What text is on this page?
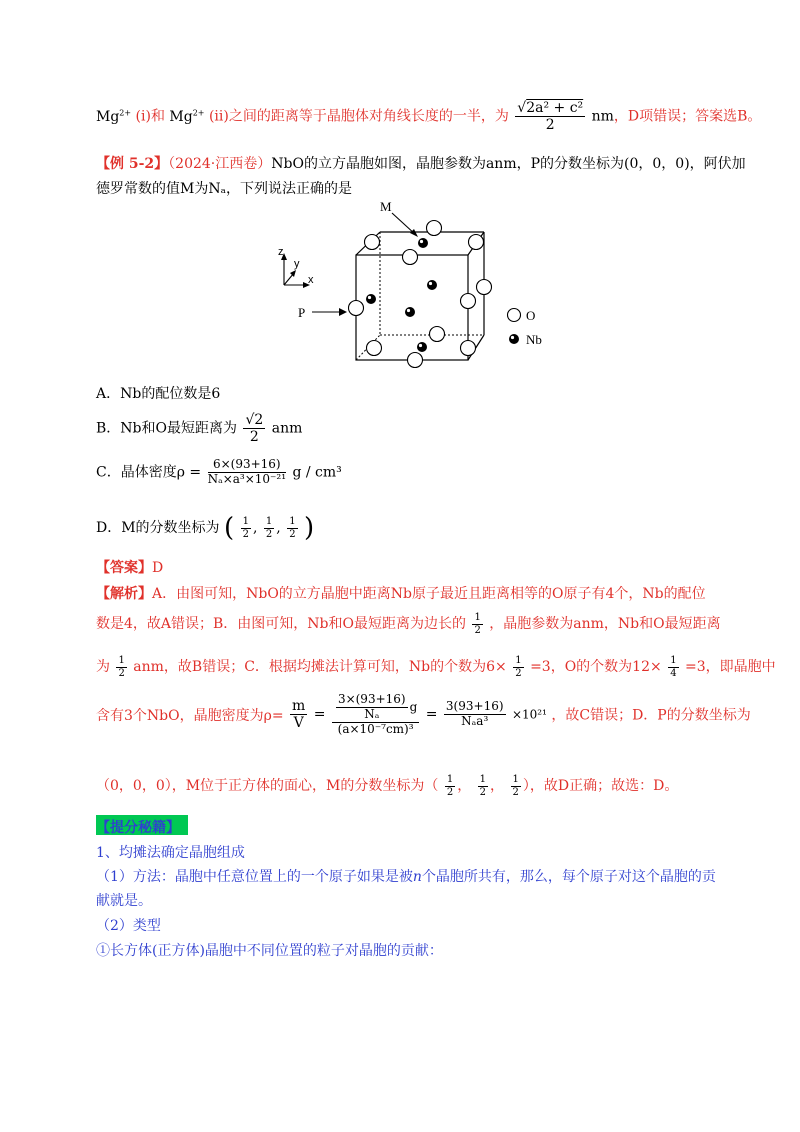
$Mg^{2+}$ (i)和 $Mg^{2+}$ (ii)之间的距离等于晶胞体对角线长度的一半，为 $\frac{\text{√2a² + c²}}{2}$ nm，D项错误；答案选B。
【例 5-2】（2024·江西卷）NbO的立方晶胞如图，晶胞参数为anm，P的分数坐标为(0，0，0)，阿伏加
德罗常数的值M为Nₐ，下列说法正确的是
M
P
z
y
x
O
Nb
A．Nb的配位数是6
B．Nb和O最短距离为 $\frac{√2}{2}$ anm
C．晶体密度$\rho = \frac{6\times(93+16)}{\text{Nₐ×a³×10⁻²¹}}$ g / cm³
D．M的分数坐标为 ( $\frac{1}{2}$ , $\frac{1}{2}$ , $\frac{1}{2}$ )
【答案】D
【解析】A．由图可知，NbO的立方晶胞中距离Nb原子最近且距离相等的O原子有4个，Nb的配位
数是4，故A错误；B．由图可知，Nb和O最短距离为边长的 $\frac{1}{2}$ ，晶胞参数为anm，Nb和O最短距离
为 $\frac{1}{2}$ anm，故B错误；C．根据均摊法计算可知，Nb的个数为$6\times \frac{1}{2} =3$，O的个数为$12\times \frac{1}{4} =3$，即晶胞中
含有3个NbO，晶胞密度为$\rho= \frac{m}{V} = \frac{\frac{3\times(93+16)}{\text{Nₐ}} g}{\text{(a×10⁻⁷cm)³}} = \frac{3(93+16)}{\text{Nₐa³}} \times 10^{21}$ ，故C错误；D．P的分数坐标为
（0，0，0），M位于正方体的面心，M的分数坐标为（ $\frac{1}{2}$ ， $\frac{1}{2}$ ， $\frac{1}{2}$ ），故D正确；故选：D。
【提分秘籍】
1、均摊法确定晶胞组成
（1）方法：晶胞中任意位置上的一个原子如果是被n个晶胞所共有，那么，每个原子对这个晶胞的贡
献就是。
（2）类型
①长方体(正方体)晶胞中不同位置的粒子对晶胞的贡献：
